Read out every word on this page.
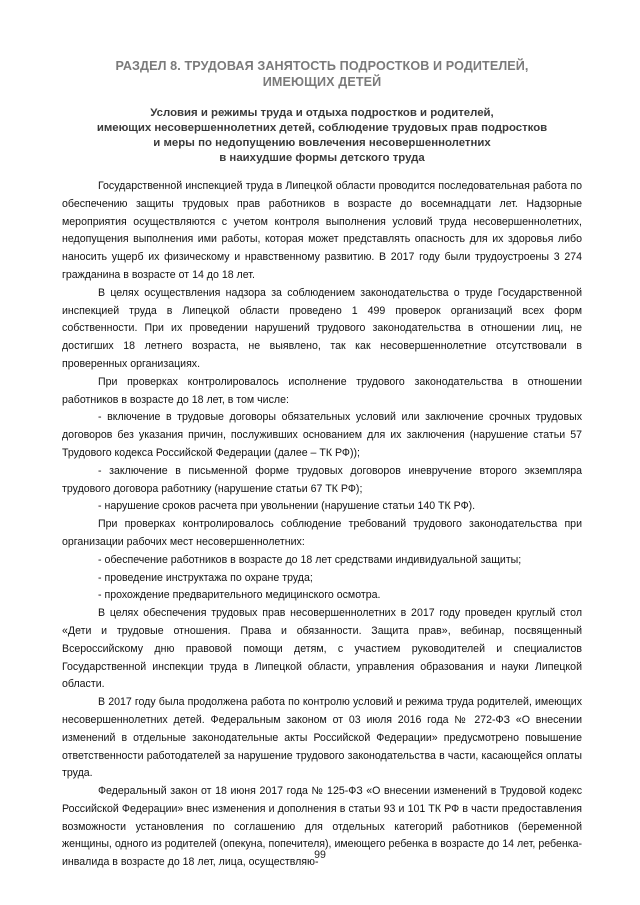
РАЗДЕЛ 8. ТРУДОВАЯ ЗАНЯТОСТЬ ПОДРОСТКОВ И РОДИТЕЛЕЙ,
ИМЕЮЩИХ ДЕТЕЙ
Условия и режимы труда и отдыха подростков и родителей,
имеющих несовершеннолетних детей, соблюдение трудовых прав подростков
и меры по недопущению вовлечения несовершеннолетних
в наихудшие формы детского труда

Государственной инспекцией труда в Липецкой области проводится последовательная работа по обеспечению защиты трудовых прав работников в возрасте до восемнадцати лет. Надзорные мероприятия осуществляются с учетом контроля выполнения условий труда несовершеннолетних, недопущения выполнения ими работы, которая может представлять опасность для их здоровья либо наносить ущерб их физическому и нравственному развитию. В 2017 году были трудоустроены 3 274 гражданина в возрасте от 14 до 18 лет.

В целях осуществления надзора за соблюдением законодательства о труде Государственной инспекцией труда в Липецкой области проведено 1 499 проверок организаций всех форм собственности. При их проведении нарушений трудового законодательства в отношении лиц, не достигших 18 летнего возраста, не выявлено, так как несовершеннолетние отсутствовали в проверенных организациях.

При проверках контролировалось исполнение трудового законодательства в отношении работников в возрасте до 18 лет, в том числе:

- включение в трудовые договоры обязательных условий или заключение срочных трудовых договоров без указания причин, послуживших основанием для их заключения (нарушение статьи 57 Трудового кодекса Российской Федерации (далее – ТК РФ));

- заключение в письменной форме трудовых договоров иневручение второго экземпляра трудового договора работнику (нарушение статьи 67 ТК РФ);

- нарушение сроков расчета при увольнении (нарушение статьи 140 ТК РФ).

При проверках контролировалось соблюдение требований трудового законодательства при организации рабочих мест несовершеннолетних:

- обеспечение работников в возрасте до 18 лет средствами индивидуальной защиты;

- проведение инструктажа по охране труда;

- прохождение предварительного медицинского осмотра.

В целях обеспечения трудовых прав несовершеннолетних в 2017 году проведен круглый стол «Дети и трудовые отношения. Права и обязанности. Защита прав», вебинар, посвященный Всероссийскому дню правовой помощи детям, с участием руководителей и специалистов Государственной инспекции труда в Липецкой области, управления образования и науки Липецкой области.

В 2017 году была продолжена работа по контролю условий и режима труда родителей, имеющих несовершеннолетних детей. Федеральным законом от 03 июля 2016 года № 272-ФЗ «О внесении изменений в отдельные законодательные акты Российской Федерации» предусмотрено повышение ответственности работодателей за нарушение трудового законодательства в части, касающейся оплаты труда.

Федеральный закон от 18 июня 2017 года № 125-ФЗ «О внесении изменений в Трудовой кодекс Российской Федерации» внес изменения и дополнения в статьи 93 и 101 ТК РФ в части предоставления возможности установления по соглашению для отдельных категорий работников (беременной женщины, одного из родителей (опекуна, попечителя), имеющего ребенка в возрасте до 14 лет, ребенка-инвалида в возрасте до 18 лет, лица, осуществляю-

99
